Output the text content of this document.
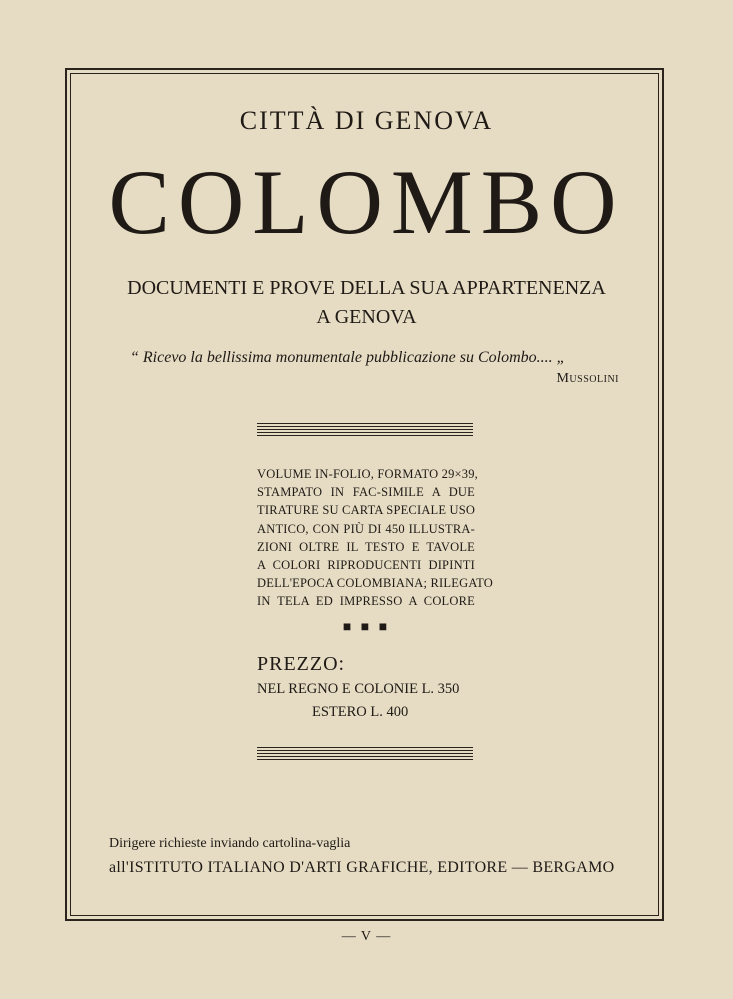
CITTÀ DI GENOVA
COLOMBO
DOCUMENTI E PROVE DELLA SUA APPARTENENZA
A GENOVA
“ Ricevo la bellissima monumentale pubblicazione su Colombo.... „
Mussolini
VOLUME IN-FOLIO, FORMATO 29×39,
STAMPATO IN FAC-SIMILE A DUE
TIRATURE SU CARTA SPECIALE USO
ANTICO, CON PIÙ DI 450 ILLUSTRA-
ZIONI OLTRE IL TESTO E TAVOLE
A COLORI RIPRODUCENTI DIPINTI
DELL'EPOCA COLOMBIANA; RILEGATO
IN TELA ED IMPRESSO A COLORE
■ ■ ■
PREZZO:
NEL REGNO E COLONIE L. 350
ESTERO L. 400
Dirigere richieste inviando cartolina-vaglia
all'ISTITUTO ITALIANO D'ARTI GRAFICHE, EDITORE — BERGAMO
— V —
